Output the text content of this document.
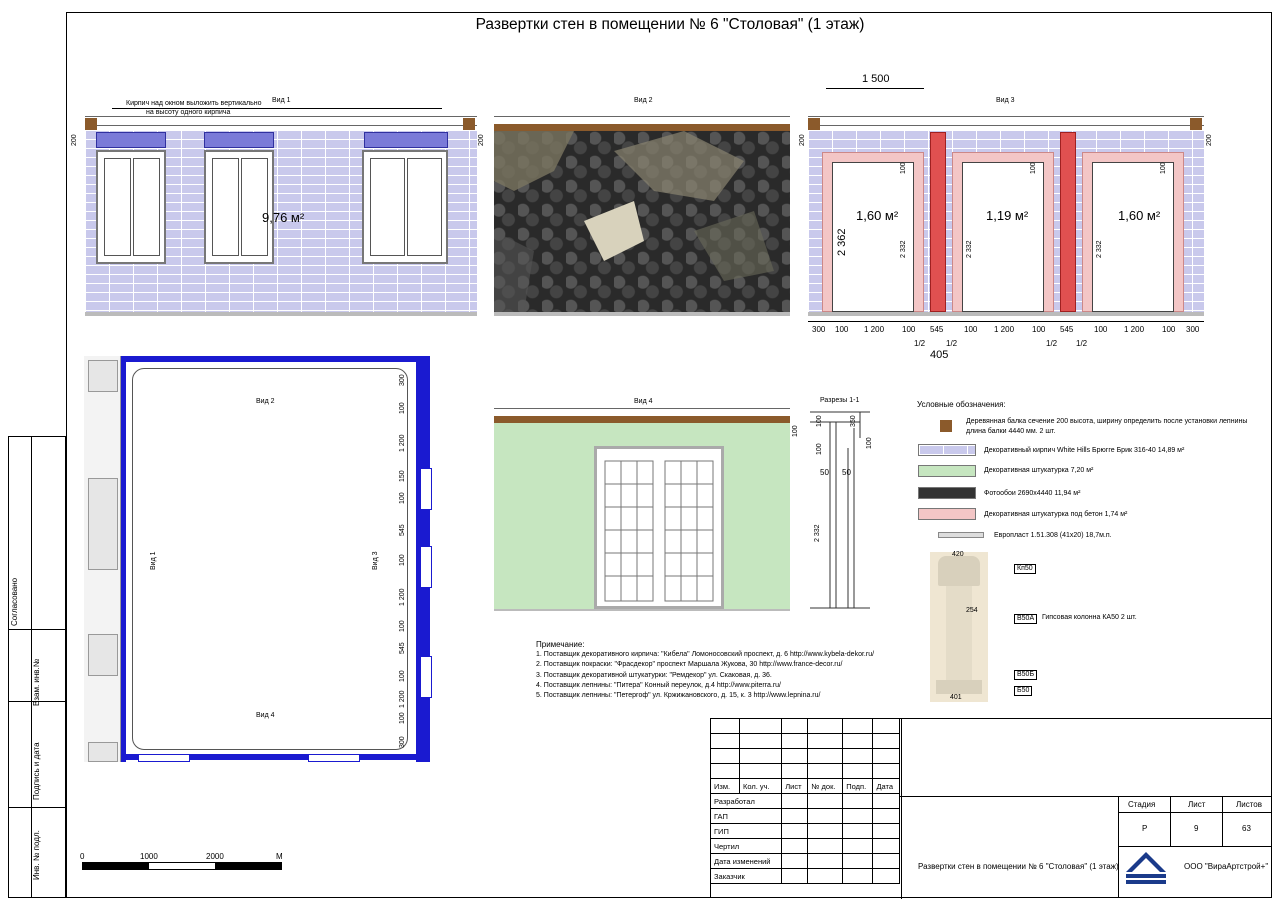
Развертки стен в помещении № 6 "Столовая" (1 этаж)
Вид 1
Кирпич над окном выложить вертикально
на высоту одного кирпича
200	200
9,76 м²
Вид 2	Вид 3
1 500
200	200
1,60 м²	1,19 м²	1,60 м²
2 362	2 332	2 332	2 332
100	100	100
300 100 1 200 100 545	100 1 200 100 545	100 1 200 100 300
1/2	1/2	1/2 1/2
405
Вид 2
Вид 1	Вид 3
Вид 4
300
100
1 200
150
100
545
100
1 200
100
545
100
1 200
100
300
0	1000	2000	М
Вид 4	Разрезы 1-1
100
100	350
100
100
50 50
2 332
Условные обозначения:
Деревянная балка сечение 200 высота, ширину определить после установки лепнины
длина балки 4440 мм. 2 шт.
Декоративный кирпич White Hills Брюгге Брик 316-40 14,89 м²
Декоративная штукатурка 7,20 м²
Фотообои 2690х4440 11,94 м²
Декоративная штукатурка под бетон 1,74 м²
Европласт 1.51.308 (41х20) 18,7м.п.
420
254
401
Кп50
В50А
В50Б
Б50
Гипсовая колонна КА50 2 шт.
Примечание:
1. Поставщик декоративного кирпича: "Кибела" Ломоносовский проспект, д. 6 http://www.kybela-dekor.ru/
2. Поставщик покраски: "Фрасдекор" проспект Маршала Жукова, 30 http://www.france-decor.ru/
3. Поставщик декоративной штукатурки: "Ремдекор" ул. Скаковая, д. 36.
4. Поставщик лепнины: "Питера" Конный переулок, д.4 http://www.piterra.ru/
5. Поставщик лепнины: "Петергоф" ул. Кржижановского, д. 15, к. 3 http://www.lepnina.ru/
Согласовано
Взам. инв.№
Подпись и дата
Инв. № подл.

Изм.	Кол. уч.	Лист	№ док.	Подп.	Дата
Разработал					
ГАП					
ГИП					
Чертил					
Дата изменений					
Заказчик					
Стадия	Лист	Листов
Р	9	63
Развертки стен в помещении № 6 "Столовая" (1 этаж)	ООО "ВираАртстрой+"
